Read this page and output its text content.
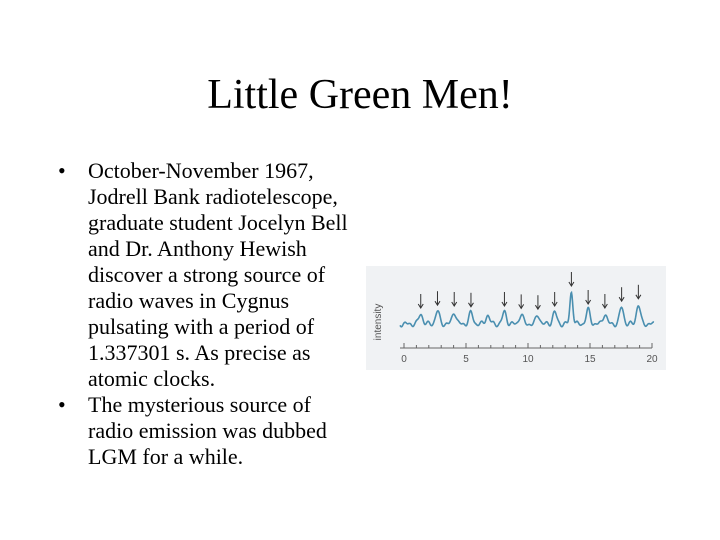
Little Green Men!
• October-November 1967, Jodrell Bank radiotelescope, graduate student Jocelyn Bell and Dr. Anthony Hewish discover a strong source of radio waves in Cygnus pulsating with a period of 1.337301 s. As precise as atomic clocks.
• The mysterious source of radio emission was dubbed LGM for a while.
intensity
0	5	10	15	20
